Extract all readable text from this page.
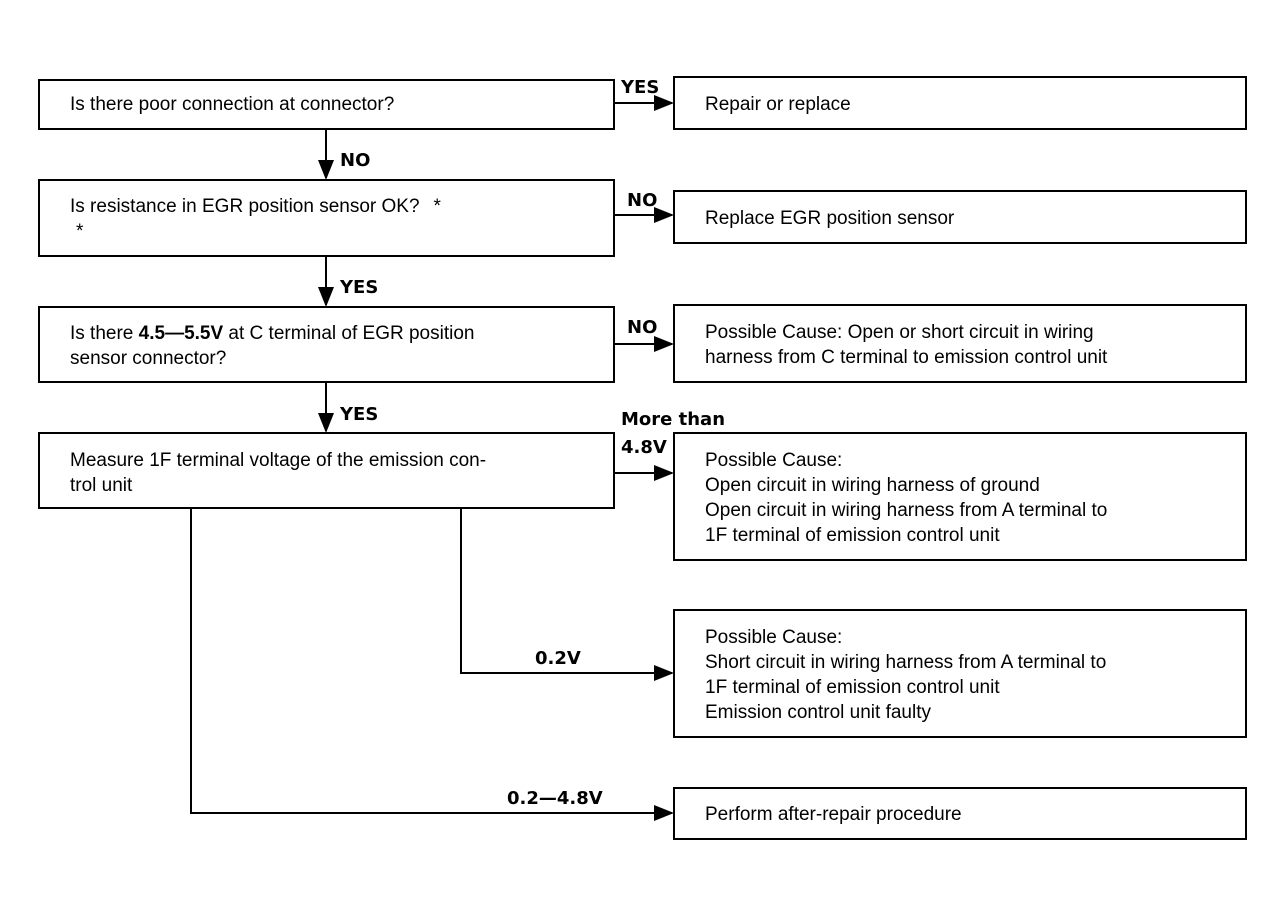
Is there poor connection at connector?
Is resistance in EGR position sensor OK? *
*
Is there 4.5—5.5V at C terminal of EGR position
sensor connector?
Measure 1F terminal voltage of the emission con-
trol unit
Repair or replace
Replace EGR position sensor
Possible Cause: Open or short circuit in wiring
harness from C terminal to emission control unit
Possible Cause:
Open circuit in wiring harness of ground
Open circuit in wiring harness from A terminal to
1F terminal of emission control unit
Possible Cause:
Short circuit in wiring harness from A terminal to
1F terminal of emission control unit
Emission control unit faulty
Perform after-repair procedure
YES
NO
NO
YES
NO
YES	More than
4.8V
0.2V
0.2—4.8V
